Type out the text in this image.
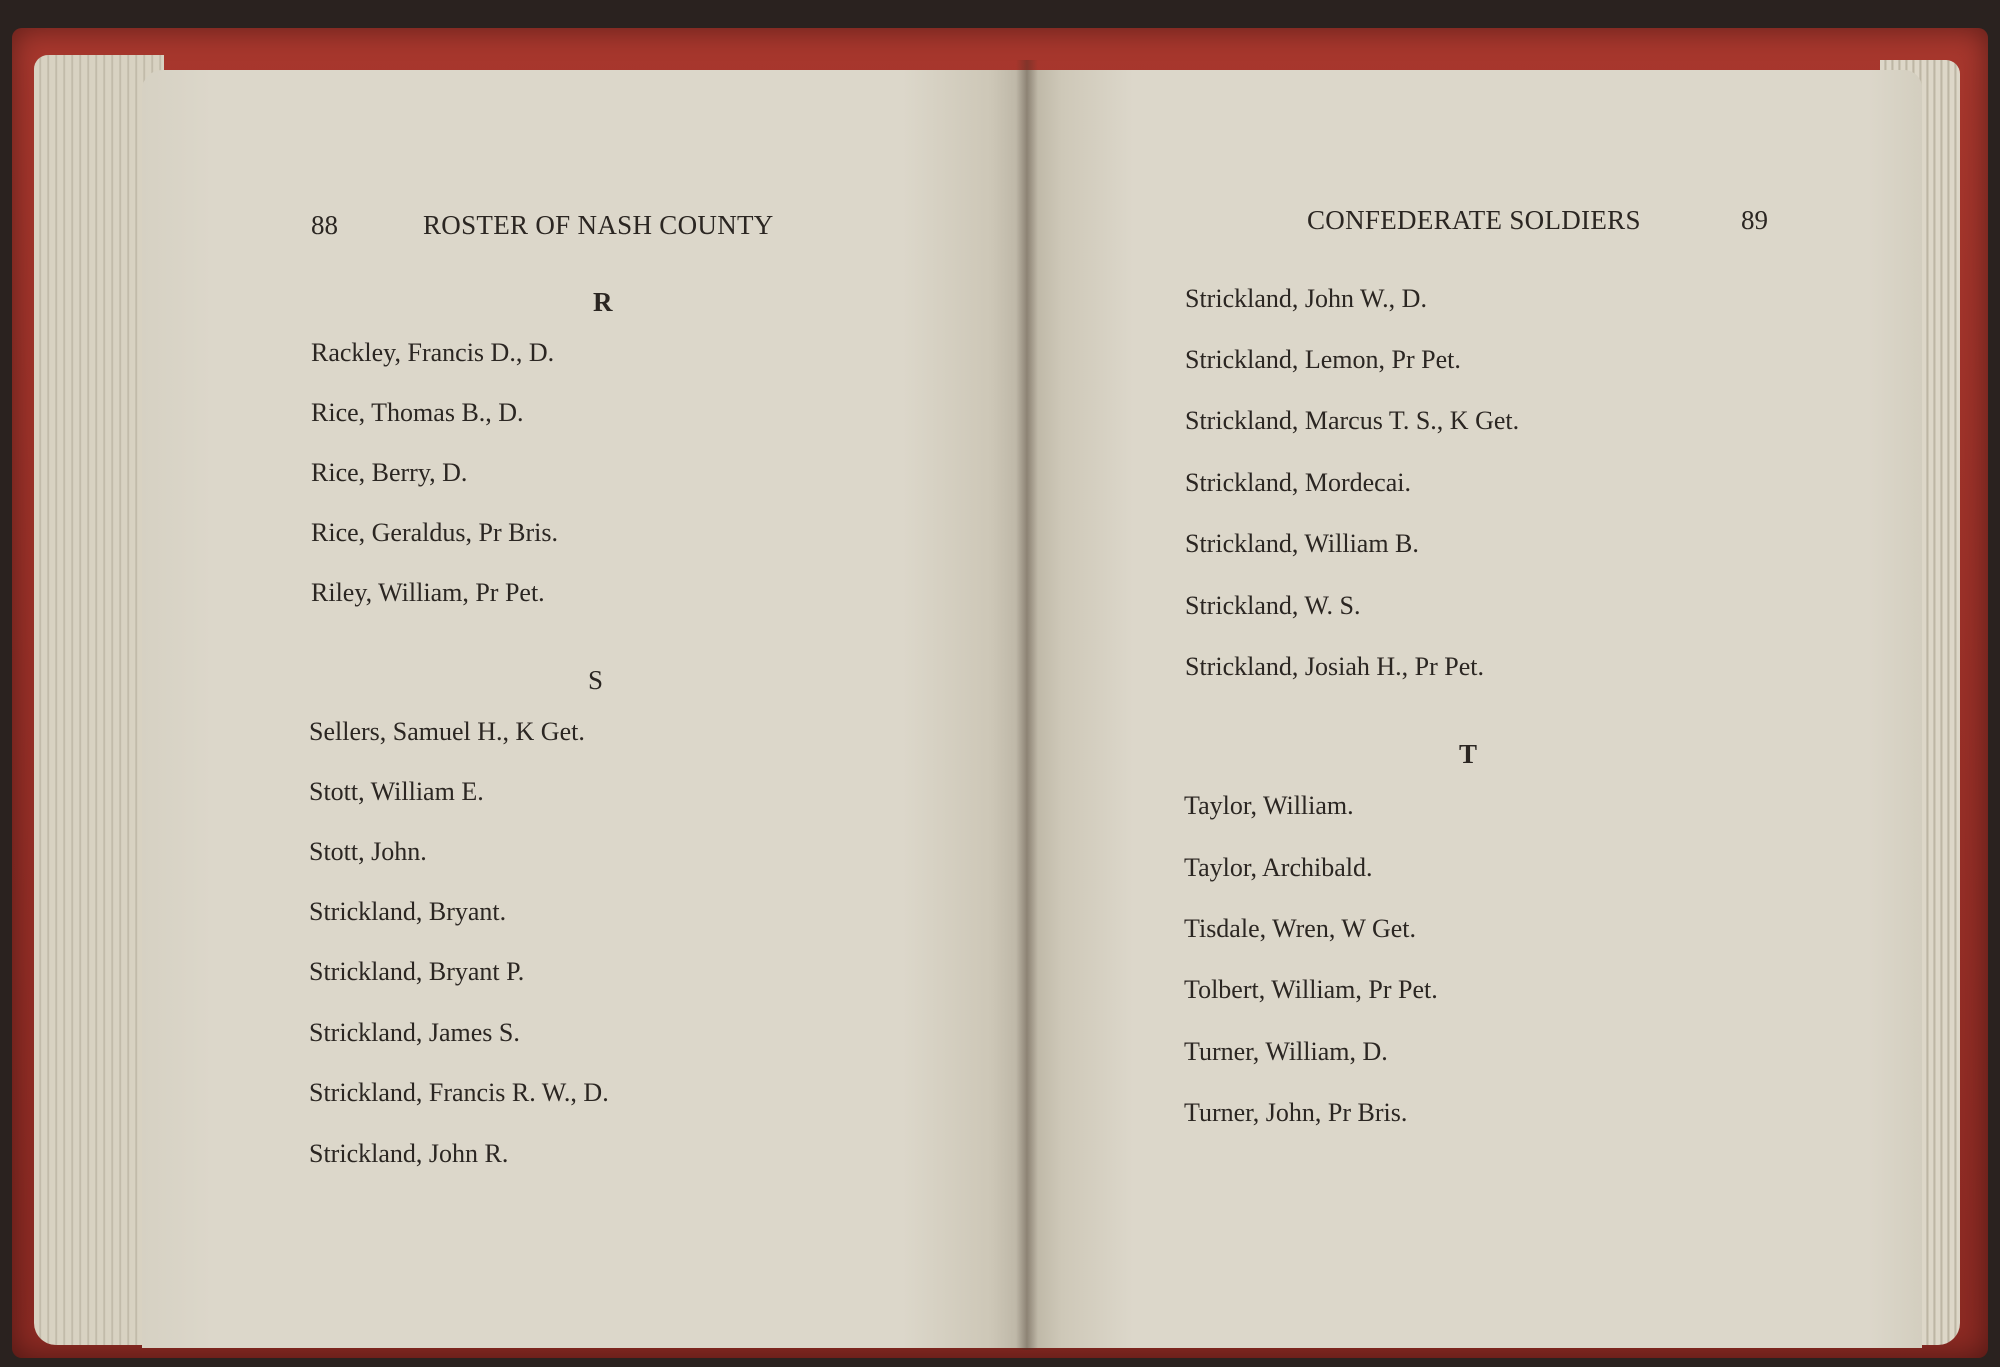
88	ROSTER OF NASH COUNTY
R
Rackley, Francis D., D.
Rice, Thomas B., D.
Rice, Berry, D.
Rice, Geraldus, Pr Bris.
Riley, William, Pr Pet.
S
Sellers, Samuel H., K Get.
Stott, William E.
Stott, John.
Strickland, Bryant.
Strickland, Bryant P.
Strickland, James S.
Strickland, Francis R. W., D.
Strickland, John R.
CONFEDERATE SOLDIERS	89
Strickland, John W., D.
Strickland, Lemon, Pr Pet.
Strickland, Marcus T. S., K Get.
Strickland, Mordecai.
Strickland, William B.
Strickland, W. S.
Strickland, Josiah H., Pr Pet.
T
Taylor, William.
Taylor, Archibald.
Tisdale, Wren, W Get.
Tolbert, William, Pr Pet.
Turner, William, D.
Turner, John, Pr Bris.
